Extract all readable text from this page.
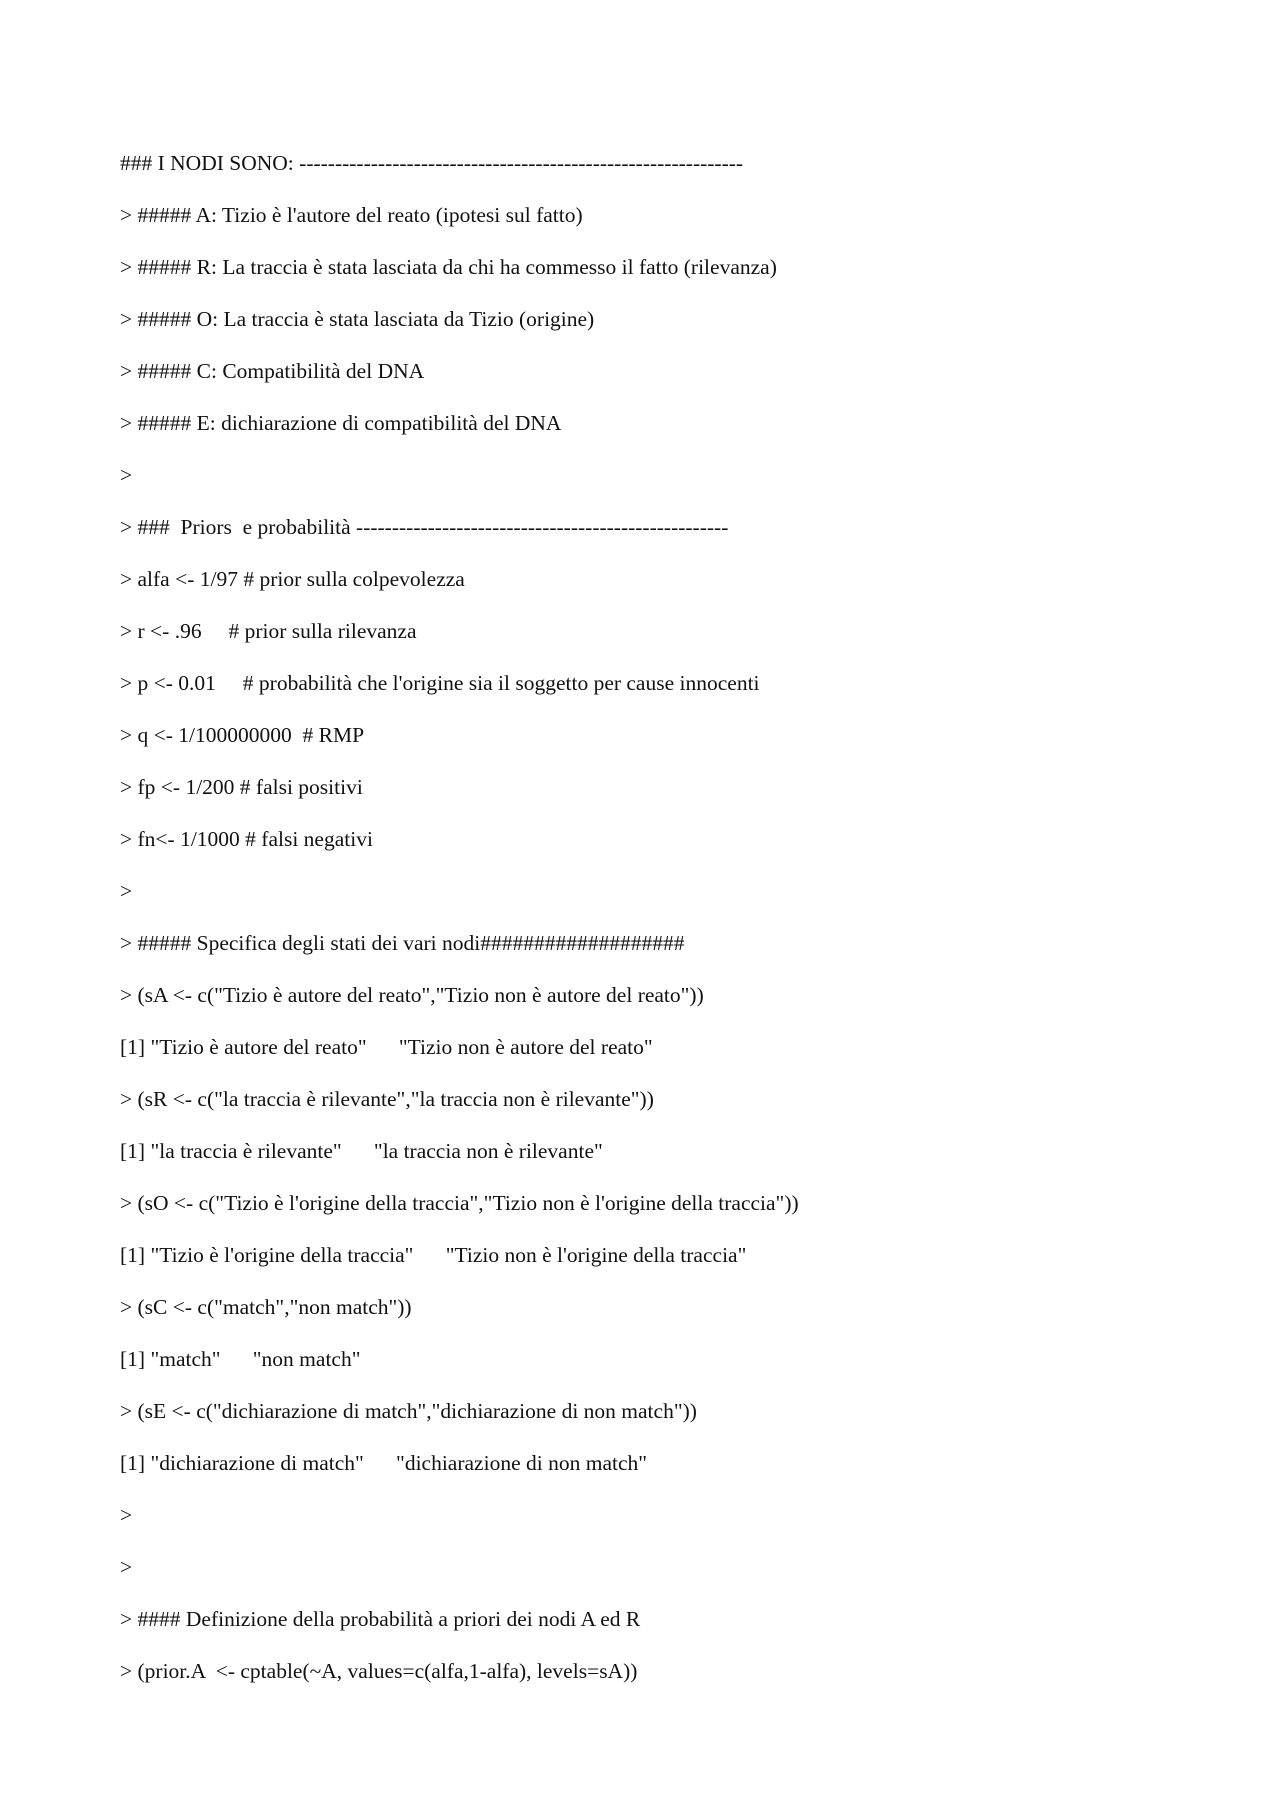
### I NODI SONO: --------------------------------------------------------------
> ##### A: Tizio è l'autore del reato (ipotesi sul fatto)
> ##### R: La traccia è stata lasciata da chi ha commesso il fatto (rilevanza)
> ##### O: La traccia è stata lasciata da Tizio (origine)
> ##### C: Compatibilità del DNA
> ##### E: dichiarazione di compatibilità del DNA
>
> ###  Priors  e probabilità ----------------------------------------------------
> alfa <- 1/97 # prior sulla colpevolezza
> r <- .96     # prior sulla rilevanza
> p <- 0.01     # probabilità che l'origine sia il soggetto per cause innocenti
> q <- 1/100000000  # RMP
> fp <- 1/200 # falsi positivi
> fn<- 1/1000 # falsi negativi
>
> ##### Specifica degli stati dei vari nodi###################
> (sA <- c("Tizio è autore del reato","Tizio non è autore del reato"))
[1] "Tizio è autore del reato"      "Tizio non è autore del reato"
> (sR <- c("la traccia è rilevante","la traccia non è rilevante"))
[1] "la traccia è rilevante"      "la traccia non è rilevante"
> (sO <- c("Tizio è l'origine della traccia","Tizio non è l'origine della traccia"))
[1] "Tizio è l'origine della traccia"      "Tizio non è l'origine della traccia"
> (sC <- c("match","non match"))
[1] "match"      "non match"
> (sE <- c("dichiarazione di match","dichiarazione di non match"))
[1] "dichiarazione di match"      "dichiarazione di non match"
>
>
> #### Definizione della probabilità a priori dei nodi A ed R
> (prior.A  <- cptable(~A, values=c(alfa,1-alfa), levels=sA))
